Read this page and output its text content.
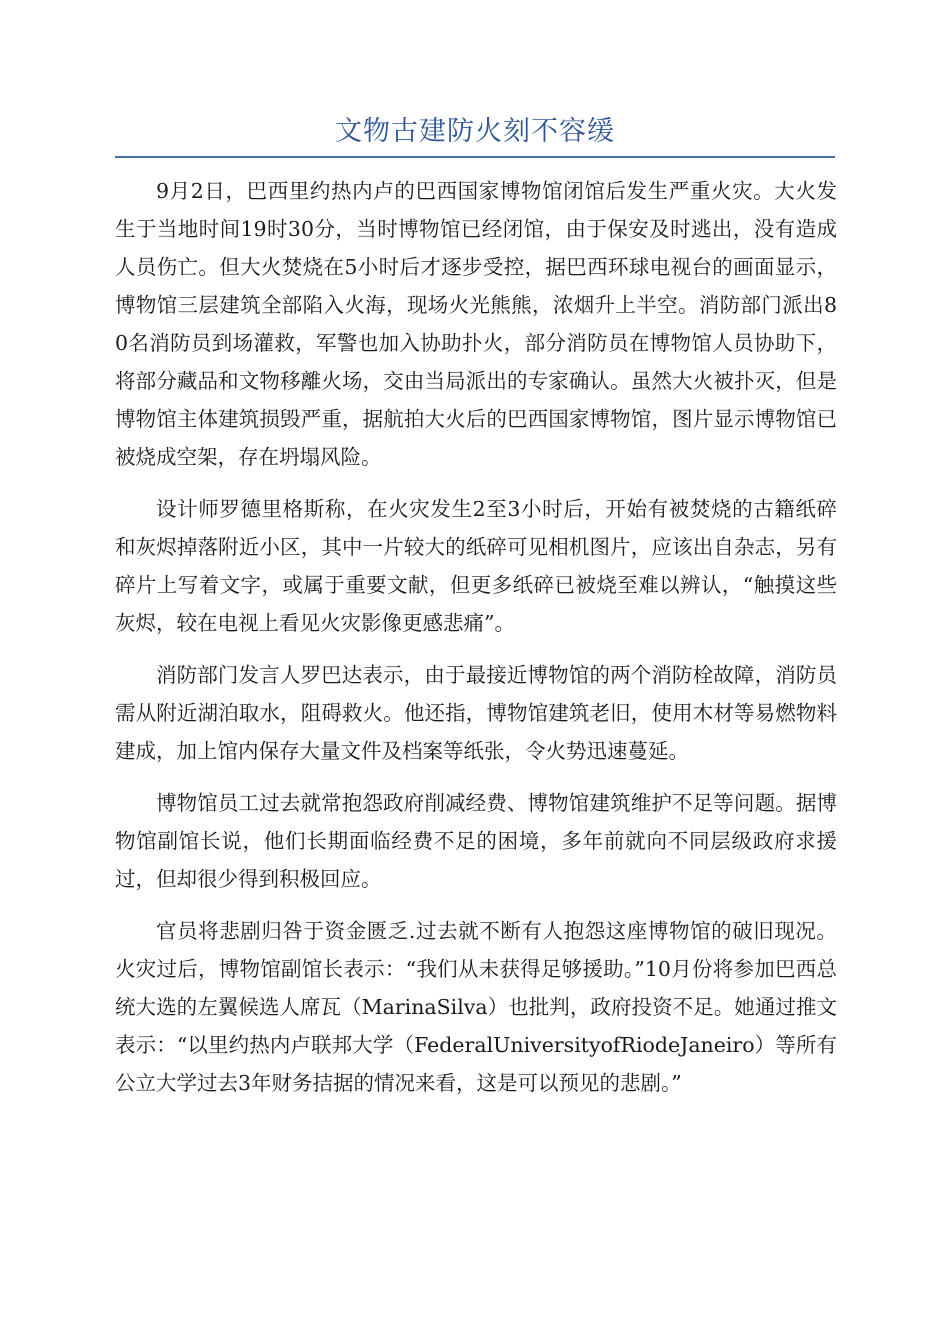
文物古建防火刻不容缓

9月2日，巴西里约热内卢的巴西国家博物馆闭馆后发生严重火灾。大火发生于当地时间19时30分，当时博物馆已经闭馆，由于保安及时逃出，没有造成人员伤亡。但大火焚烧在5小时后才逐步受控，据巴西环球电视台的画面显示，博物馆三层建筑全部陷入火海，现场火光熊熊，浓烟升上半空。消防部门派出80名消防员到场灌救，军警也加入协助扑火，部分消防员在博物馆人员协助下，将部分藏品和文物移離火场，交由当局派出的专家确认。虽然大火被扑灭，但是博物馆主体建筑损毁严重，据航拍大火后的巴西国家博物馆，图片显示博物馆已被烧成空架，存在坍塌风险。

设计师罗德里格斯称，在火灾发生2至3小时后，开始有被焚烧的古籍纸碎和灰烬掉落附近小区，其中一片较大的纸碎可见相机图片，应该出自杂志，另有碎片上写着文字，或属于重要文献，但更多纸碎已被烧至难以辨认，“触摸这些灰烬，较在电视上看见火灾影像更感悲痛”。

消防部门发言人罗巴达表示，由于最接近博物馆的两个消防栓故障，消防员需从附近湖泊取水，阻碍救火。他还指，博物馆建筑老旧，使用木材等易燃物料建成，加上馆内保存大量文件及档案等纸张，令火势迅速蔓延。

博物馆员工过去就常抱怨政府削减经费、博物馆建筑维护不足等问题。据博物馆副馆长说，他们长期面临经费不足的困境，多年前就向不同层级政府求援过，但却很少得到积极回应。

官员将悲剧归咎于资金匮乏.过去就不断有人抱怨这座博物馆的破旧现况。火灾过后，博物馆副馆长表示：“我们从未获得足够援助。”10月份将参加巴西总统大选的左翼候选人席瓦（MarinaSilva）也批判，政府投资不足。她通过推文表示：“以里约热内卢联邦大学（FederalUniversityofRiodeJaneiro）等所有公立大学过去3年财务拮据的情况来看，这是可以预见的悲剧。”
